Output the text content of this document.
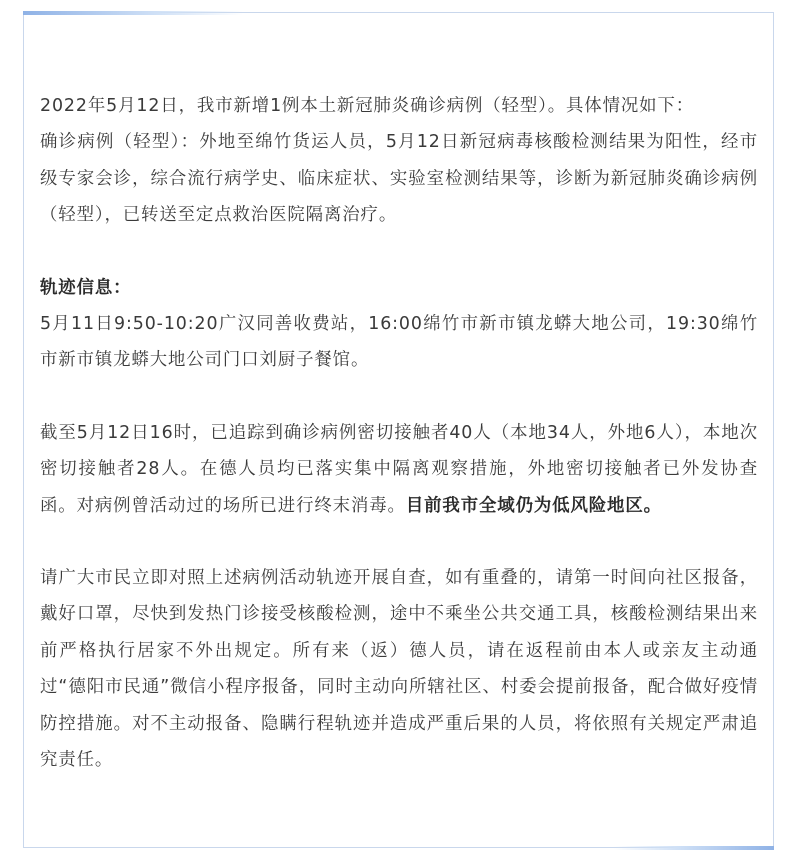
2022年5月12日，我市新增1例本土新冠肺炎确诊病例（轻型）。具体情况如下：

确诊病例（轻型）：外地至绵竹货运人员，5月12日新冠病毒核酸检测结果为阳性，经市级专家会诊，综合流行病学史、临床症状、实验室检测结果等，诊断为新冠肺炎确诊病例（轻型），已转送至定点救治医院隔离治疗。

轨迹信息：

5月11日9:50-10:20广汉同善收费站，16:00绵竹市新市镇龙蟒大地公司，19:30绵竹市新市镇龙蟒大地公司门口刘厨子餐馆。

截至5月12日16时，已追踪到确诊病例密切接触者40人（本地34人，外地6人），本地次密切接触者28人。在德人员均已落实集中隔离观察措施，外地密切接触者已外发协查函。对病例曾活动过的场所已进行终末消毒。目前我市全域仍为低风险地区。

请广大市民立即对照上述病例活动轨迹开展自查，如有重叠的，请第一时间向社区报备，戴好口罩，尽快到发热门诊接受核酸检测，途中不乘坐公共交通工具，核酸检测结果出来前严格执行居家不外出规定。所有来（返）德人员，请在返程前由本人或亲友主动通过“德阳市民通”微信小程序报备，同时主动向所辖社区、村委会提前报备，配合做好疫情防控措施。对不主动报备、隐瞒行程轨迹并造成严重后果的人员，将依照有关规定严肃追究责任。
